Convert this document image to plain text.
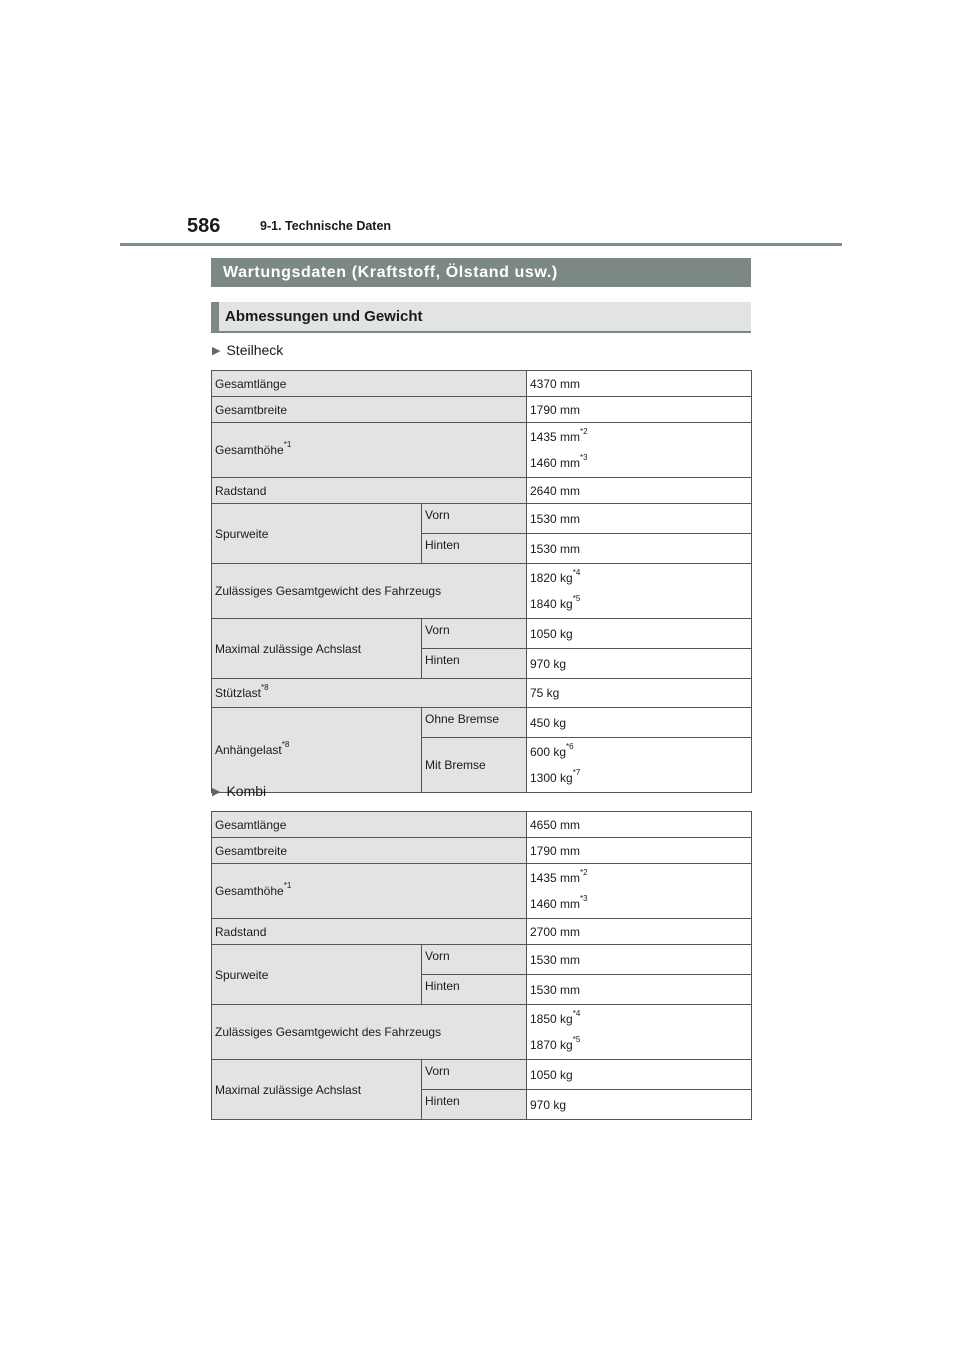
586	9-1. Technische Daten
Wartungsdaten (Kraftstoff, Ölstand usw.)
Abmessungen und Gewicht
▶ Steilheck
Gesamtlänge		4370 mm
Gesamtbreite		1790 mm
Gesamthöhe$^{*1}$		1435 $mm^{*2}$
1460 $mm^{*3}$

Radstand		2640 mm
Spurweite	Vorn	1530 mm
	Hinten	1530 mm
Zulässiges Gesamtgewicht des Fahrzeugs		1820 $kg^{*4}$
1840 $kg^{*5}$

Maximal zulässige Achslast	Vorn	1050 kg
	Hinten	970 kg
Stützlast$^{*8}$		75 kg
Anhängelast$^{*8}$	Ohne Bremse	450 kg
	Mit Bremse	600 $kg^{*6}$
1300 $kg^{*7}$
▶ Kombi
Gesamtlänge		4650 mm
Gesamtbreite		1790 mm
Gesamthöhe$^{*1}$		1435 $mm^{*2}$
1460 $mm^{*3}$

Radstand		2700 mm
Spurweite	Vorn	1530 mm
	Hinten	1530 mm
Zulässiges Gesamtgewicht des Fahrzeugs		1850 $kg^{*4}$
1870 $kg^{*5}$

Maximal zulässige Achslast	Vorn	1050 kg
	Hinten	970 kg
